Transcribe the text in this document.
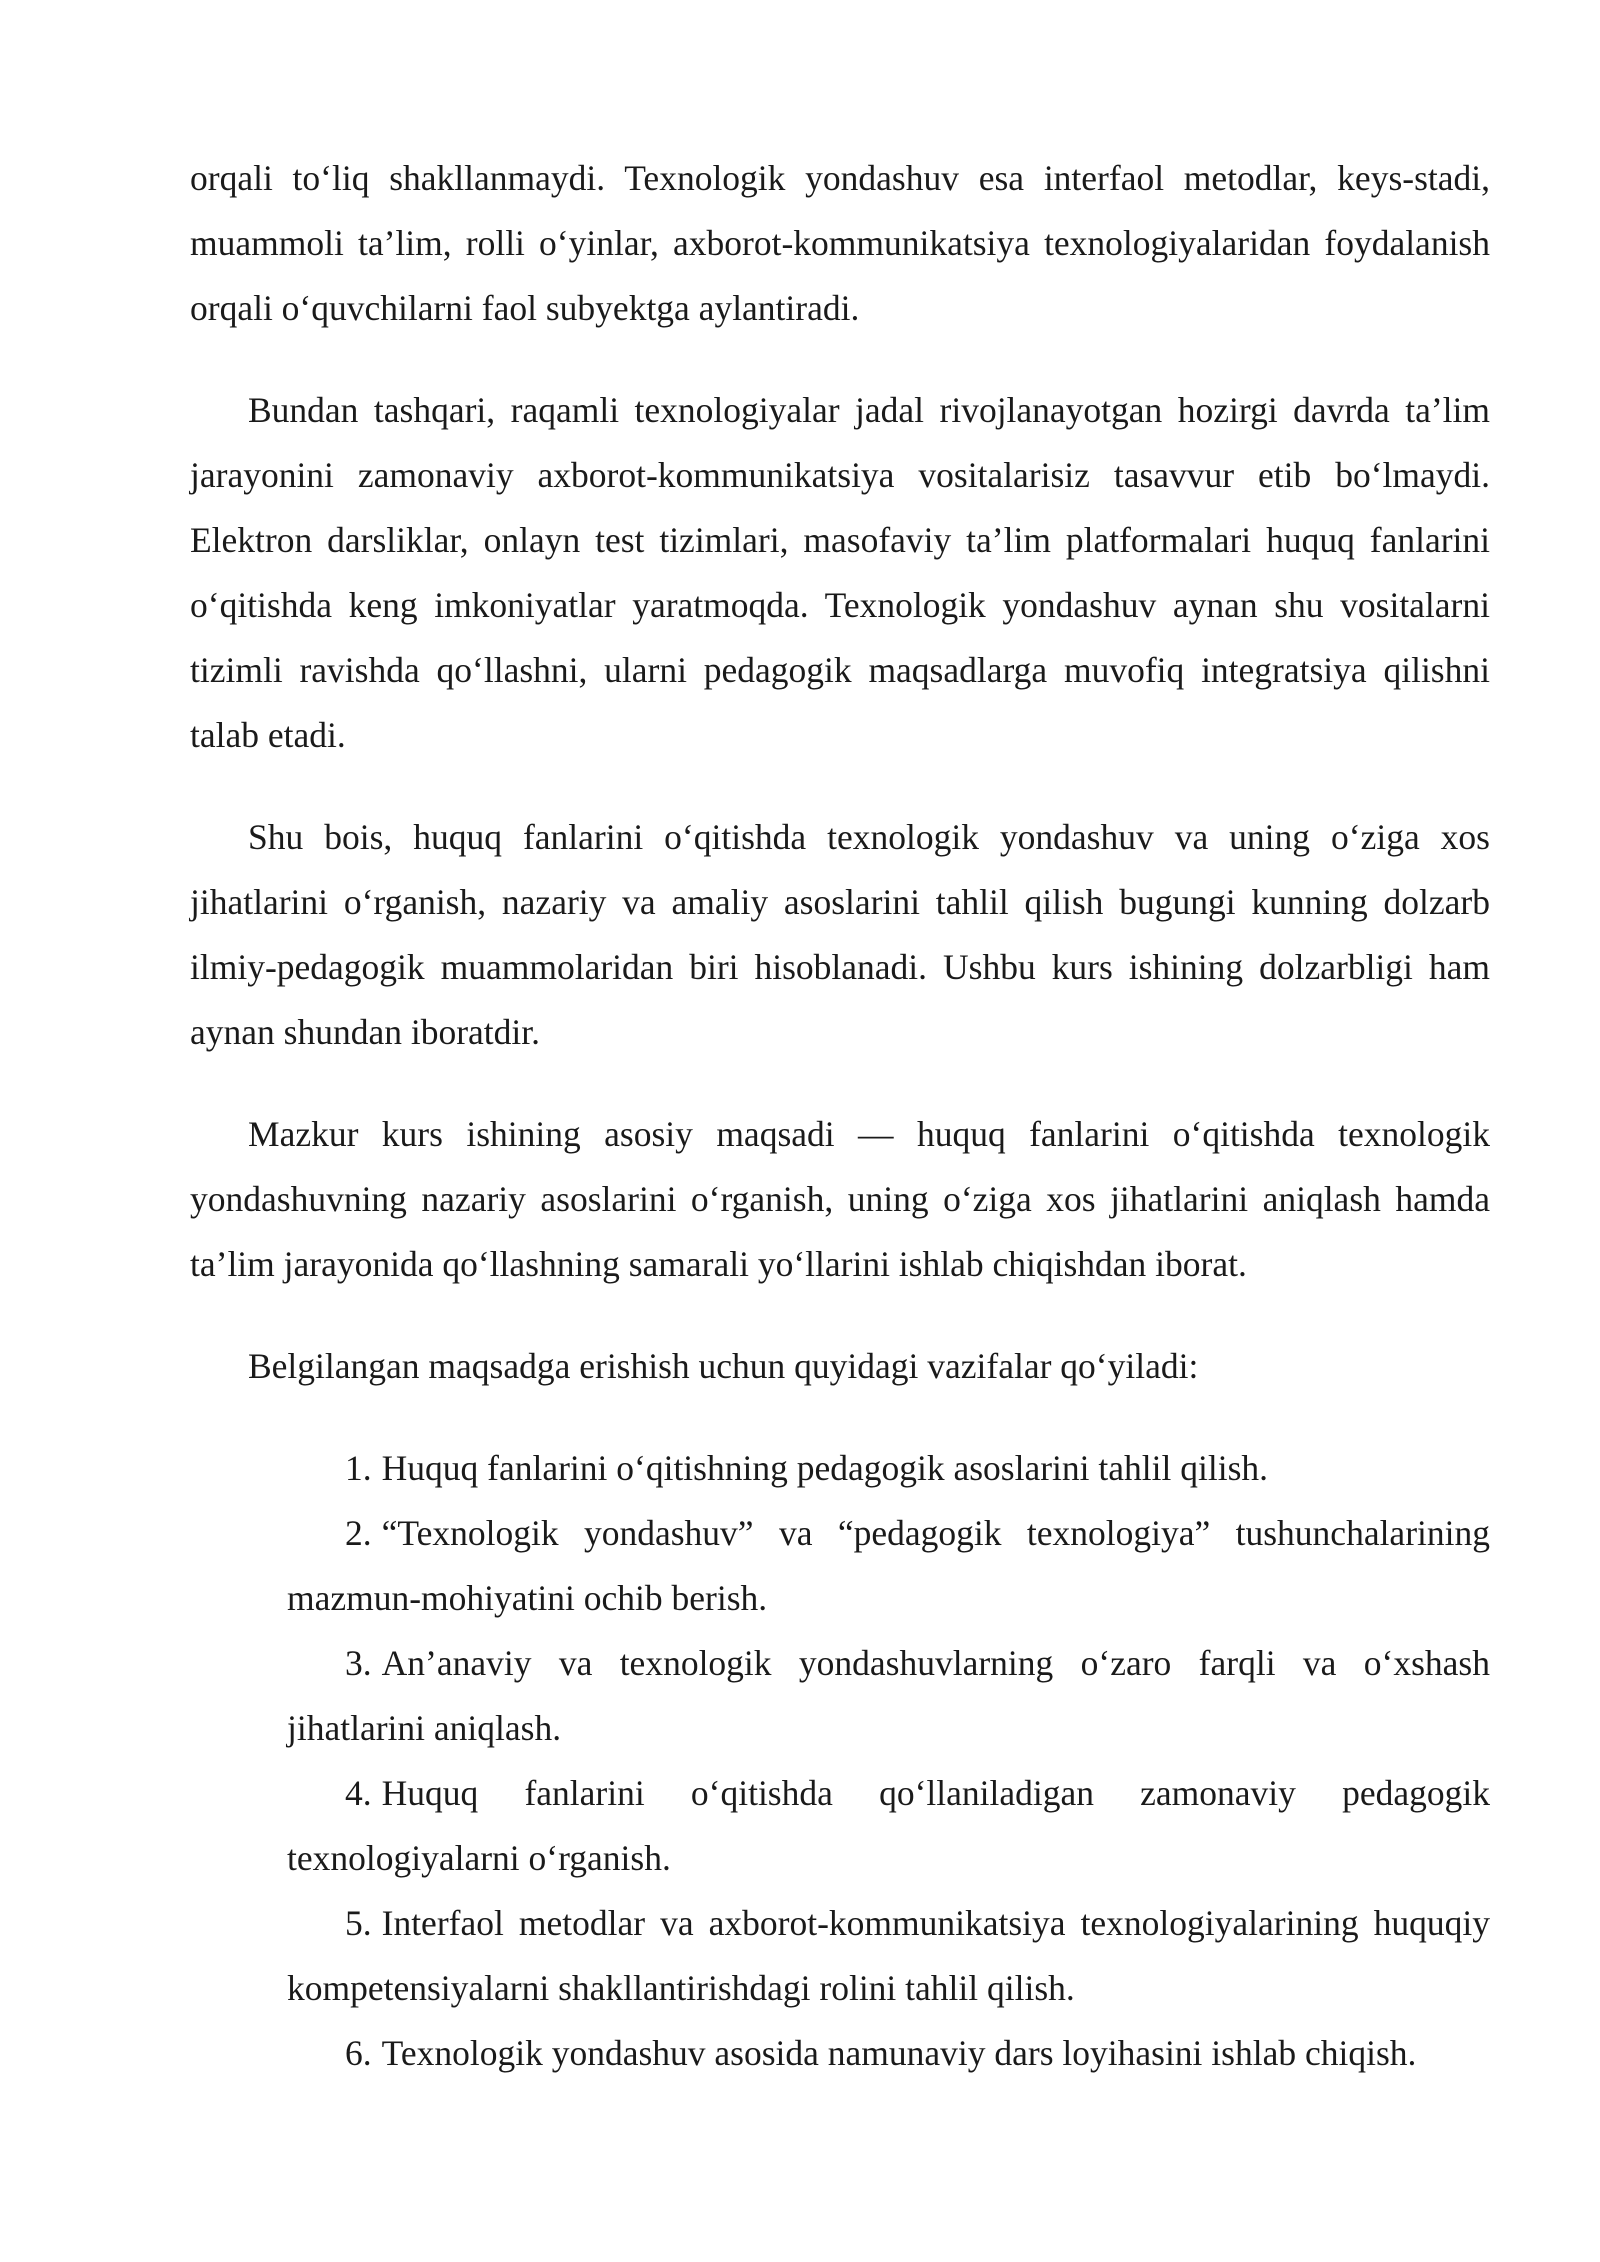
orqali to‘liq shakllanmaydi. Texnologik yondashuv esa interfaol metodlar, keys-stadi, muammoli ta’lim, rolli o‘yinlar, axborot-kommunikatsiya texnologiyalaridan foydalanish orqali o‘quvchilarni faol subyektga aylantiradi.

Bundan tashqari, raqamli texnologiyalar jadal rivojlanayotgan hozirgi davrda ta’lim jarayonini zamonaviy axborot-kommunikatsiya vositalarisiz tasavvur etib bo‘lmaydi. Elektron darsliklar, onlayn test tizimlari, masofaviy ta’lim platformalari huquq fanlarini o‘qitishda keng imkoniyatlar yaratmoqda. Texnologik yondashuv aynan shu vositalarni tizimli ravishda qo‘llashni, ularni pedagogik maqsadlarga muvofiq integratsiya qilishni talab etadi.

Shu bois, huquq fanlarini o‘qitishda texnologik yondashuv va uning o‘ziga xos jihatlarini o‘rganish, nazariy va amaliy asoslarini tahlil qilish bugungi kunning dolzarb ilmiy-pedagogik muammolaridan biri hisoblanadi. Ushbu kurs ishining dolzarbligi ham aynan shundan iboratdir.

Mazkur kurs ishining asosiy maqsadi — huquq fanlarini o‘qitishda texnologik yondashuvning nazariy asoslarini o‘rganish, uning o‘ziga xos jihatlarini aniqlash hamda ta’lim jarayonida qo‘llashning samarali yo‘llarini ishlab chiqishdan iborat.

Belgilangan maqsadga erishish uchun quyidagi vazifalar qo‘yiladi:

1. Huquq fanlarini o‘qitishning pedagogik asoslarini tahlil qilish.
2. “Texnologik yondashuv” va “pedagogik texnologiya” tushunchalarining mazmun-mohiyatini ochib berish.
3. An’anaviy va texnologik yondashuvlarning o‘zaro farqli va o‘xshash jihatlarini aniqlash.
4. Huquq fanlarini o‘qitishda qo‘llaniladigan zamonaviy pedagogik texnologiyalarni o‘rganish.
5. Interfaol metodlar va axborot-kommunikatsiya texnologiyalarining huquqiy kompetensiyalarni shakllantirishdagi rolini tahlil qilish.
6. Texnologik yondashuv asosida namunaviy dars loyihasini ishlab chiqish.
